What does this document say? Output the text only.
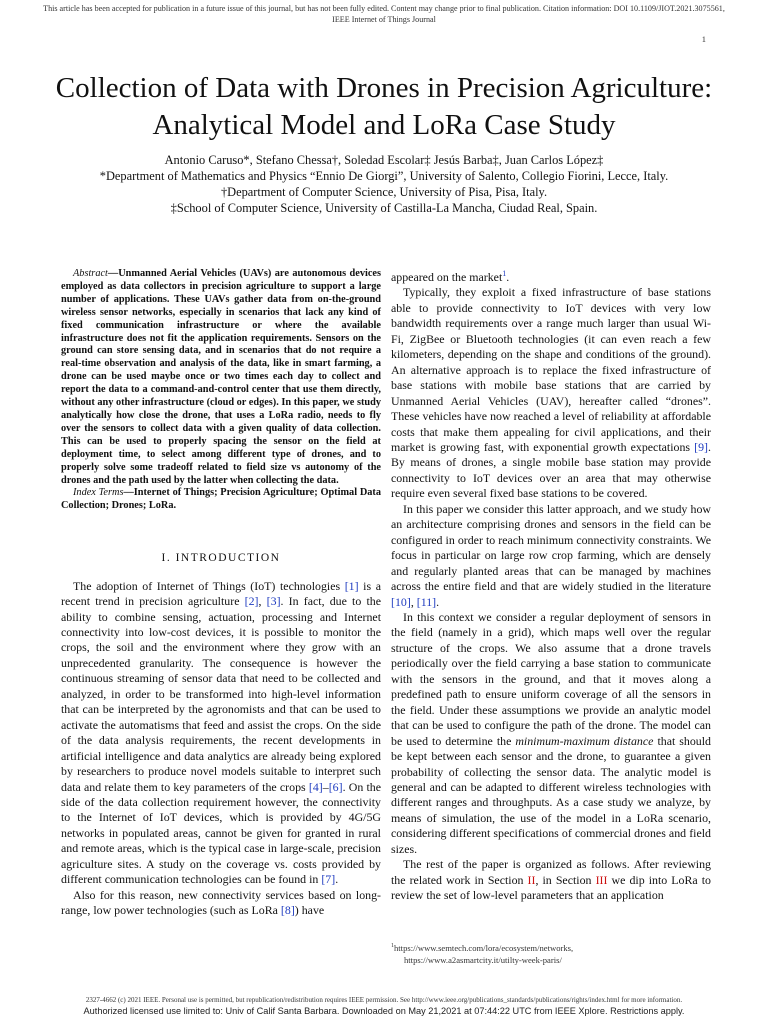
This article has been accepted for publication in a future issue of this journal, but has not been fully edited. Content may change prior to final publication. Citation information: DOI 10.1109/JIOT.2021.3075561, IEEE Internet of Things Journal
1
Collection of Data with Drones in Precision Agriculture: Analytical Model and LoRa Case Study
Antonio Caruso*, Stefano Chessa†, Soledad Escolar‡ Jesús Barba‡, Juan Carlos López‡
*Department of Mathematics and Physics “Ennio De Giorgi”, University of Salento, Collegio Fiorini, Lecce, Italy.
†Department of Computer Science, University of Pisa, Pisa, Italy.
‡School of Computer Science, University of Castilla-La Mancha, Ciudad Real, Spain.

Abstract—Unmanned Aerial Vehicles (UAVs) are autonomous devices employed as data collectors in precision agriculture to support a large number of applications. These UAVs gather data from on-the-ground wireless sensor networks, especially in scenarios that lack any kind of fixed communication infrastructure or where the available infrastructure does not fit the application requirements. Sensors on the ground can store sensing data, and in scenarios that do not require a real-time observation and analysis of the data, like in smart farming, a drone can be used maybe once or two times each day to collect and report the data to a command-and-control center that use them directly, without any other infrastructure (cloud or edges). In this paper, we study analytically how close the drone, that uses a LoRa radio, needs to fly over the sensors to collect data with a given quality of data collection. This can be used to properly spacing the sensor on the field at deployment time, to select among different type of drones, and to properly solve some tradeoff related to field size vs autonomy of the drones and the path used by the latter when collecting the data.

Index Terms—Internet of Things; Precision Agriculture; Optimal Data Collection; Drones; LoRa.

I. INTRODUCTION

The adoption of Internet of Things (IoT) technologies [1] is a recent trend in precision agriculture [2], [3]. In fact, due to the ability to combine sensing, actuation, processing and Internet connectivity into low-cost devices, it is possible to monitor the crops, the soil and the environment where they grow with an unprecedented granularity. The consequence is however the continuous streaming of sensor data that need to be collected and analyzed, in order to be transformed into high-level information that can be interpreted by the agronomists and that can be used to activate the automatisms that feed and assist the crops. On the side of the data analysis requirements, the recent developments in artificial intelligence and data analytics are already being explored by researchers to produce novel models suitable to interpret such data and relate them to key parameters of the crops [4]–[6]. On the side of the data collection requirement however, the connectivity to the Internet of IoT devices, which is provided by 4G/5G networks in populated areas, cannot be given for granted in rural and remote areas, which is the typical case in large-scale, precision agriculture sites. A study on the coverage vs. costs provided by different communication technologies can be found in [7].

Also for this reason, new connectivity services based on long-range, low power technologies (such as LoRa [8]) have

appeared on the market$^1$.

Typically, they exploit a fixed infrastructure of base stations able to provide connectivity to IoT devices with very low bandwidth requirements over a range much larger than usual Wi-Fi, ZigBee or Bluetooth technologies (it can even reach a few kilometers, depending on the shape and conditions of the ground). An alternative approach is to replace the fixed infrastructure of base stations with mobile base stations that are carried by Unmanned Aerial Vehicles (UAV), hereafter called “drones”. These vehicles have now reached a level of reliability at affordable costs that make them appealing for civil applications, and their market is growing fast, with exponential growth expectations [9]. By means of drones, a single mobile base station may provide connectivity to IoT devices over an area that may otherwise require even several fixed base stations to be covered.

In this paper we consider this latter approach, and we study how an architecture comprising drones and sensors in the field can be configured in order to reach minimum connectivity constraints. We focus in particular on large row crop farming, which are densely and regularly planted areas that can be managed by machines across the entire field and that are widely studied in the literature [10], [11].

In this context we consider a regular deployment of sensors in the field (namely in a grid), which maps well over the regular structure of the crops. We also assume that a drone travels periodically over the field carrying a base station to communicate with the sensors in the ground, and that it moves along a predefined path to ensure uniform coverage of all the sensors in the field. Under these assumptions we provide an analytic model that can be used to configure the path of the drone. The model can be used to determine the minimum-maximum distance that should be kept between each sensor and the drone, to guarantee a given probability of collecting the sensor data. The analytic model is general and can be adapted to different wireless technologies with different ranges and throughputs. As a case study we analyze, by means of simulation, the use of the model in a LoRa scenario, considering different specifications of commercial drones and field sizes.

The rest of the paper is organized as follows. After reviewing the related work in Section II, in Section III we dip into LoRa to review the set of low-level parameters that an application

$^1$https://www.semtech.com/lora/ecosystem/networks,
https://www.a2asmartcity.it/utilty-week-paris/
2327-4662 (c) 2021 IEEE. Personal use is permitted, but republication/redistribution requires IEEE permission. See http://www.ieee.org/publications_standards/publications/rights/index.html for more information.
Authorized licensed use limited to: Univ of Calif Santa Barbara. Downloaded on May 21,2021 at 07:44:22 UTC from IEEE Xplore. Restrictions apply.
